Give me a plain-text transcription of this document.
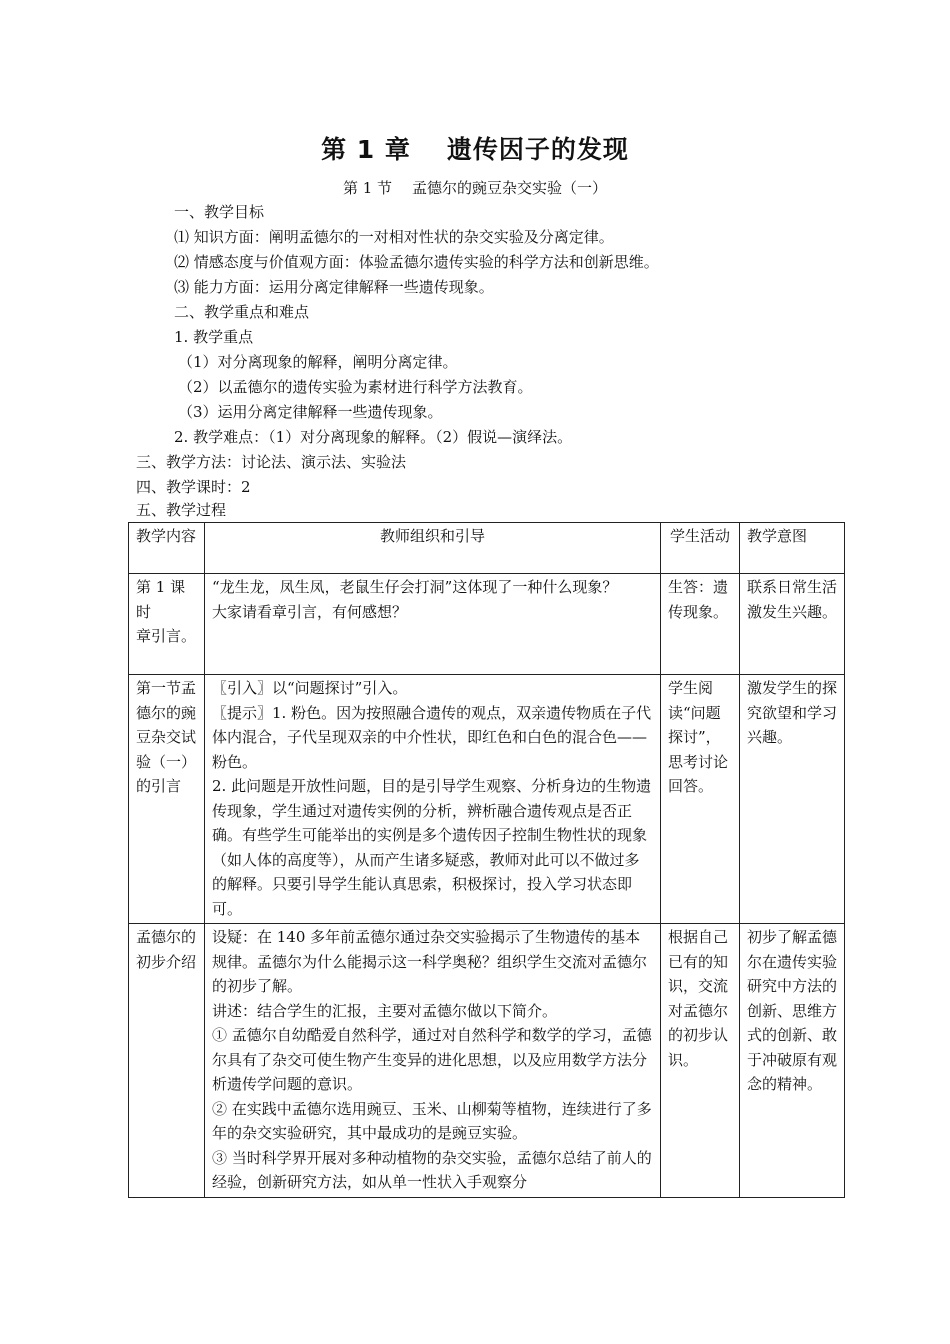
第 1 章 遗传因子的发现
第 1 节 孟德尔的豌豆杂交实验（一）
一、教学目标
⑴ 知识方面：阐明孟德尔的一对相对性状的杂交实验及分离定律。
⑵ 情感态度与价值观方面：体验孟德尔遗传实验的科学方法和创新思维。
⑶ 能力方面：运用分离定律解释一些遗传现象。
二、教学重点和难点
1. 教学重点
（1）对分离现象的解释，阐明分离定律。
（2）以孟德尔的遗传实验为素材进行科学方法教育。
（3）运用分离定律解释一些遗传现象。
2. 教学难点：（1）对分离现象的解释。（2）假说—演绎法。
三、教学方法：讨论法、演示法、实验法
四、教学课时：2
五、教学过程
教学内容	教师组织和引导	学生活动	教学意图

第 1 课时
章引言。	“龙生龙，凤生凤，老鼠生仔会打洞”这体现了一种什么现象？
大家请看章引言，有何感想？	生答：遗传现象。	联系日常生活激发生兴趣。

第一节孟德尔的豌豆杂交试验（一）的引言	〖引入〗以“问题探讨”引入。
〖提示〗1. 粉色。因为按照融合遗传的观点，双亲遗传物质在子代体内混合，子代呈现双亲的中介性状，即红色和白色的混合色——粉色。
2. 此问题是开放性问题，目的是引导学生观察、分析身边的生物遗传现象，学生通过对遗传实例的分析，辨析融合遗传观点是否正确。有些学生可能举出的实例是多个遗传因子控制生物性状的现象（如人体的高度等），从而产生诸多疑惑，教师对此可以不做过多的解释。只要引导学生能认真思索，积极探讨，投入学习状态即可。	学生阅读“问题探讨”，思考讨论回答。	激发学生的探究欲望和学习兴趣。

孟德尔的初步介绍	设疑：在 140 多年前孟德尔通过杂交实验揭示了生物遗传的基本规律。孟德尔为什么能揭示这一科学奥秘？组织学生交流对孟德尔的初步了解。
讲述：结合学生的汇报，主要对孟德尔做以下简介。
① 孟德尔自幼酷爱自然科学，通过对自然科学和数学的学习，孟德尔具有了杂交可使生物产生变异的进化思想，以及应用数学方法分析遗传学问题的意识。
② 在实践中孟德尔选用豌豆、玉米、山柳菊等植物，连续进行了多年的杂交实验研究，其中最成功的是豌豆实验。
③ 当时科学界开展对多种动植物的杂交实验，孟德尔总结了前人的经验，创新研究方法，如从单一性状入手观察分	根据自己已有的知识，交流对孟德尔的初步认识。	初步了解孟德尔在遗传实验研究中方法的创新、思维方式的创新、敢于冲破原有观念的精神。
